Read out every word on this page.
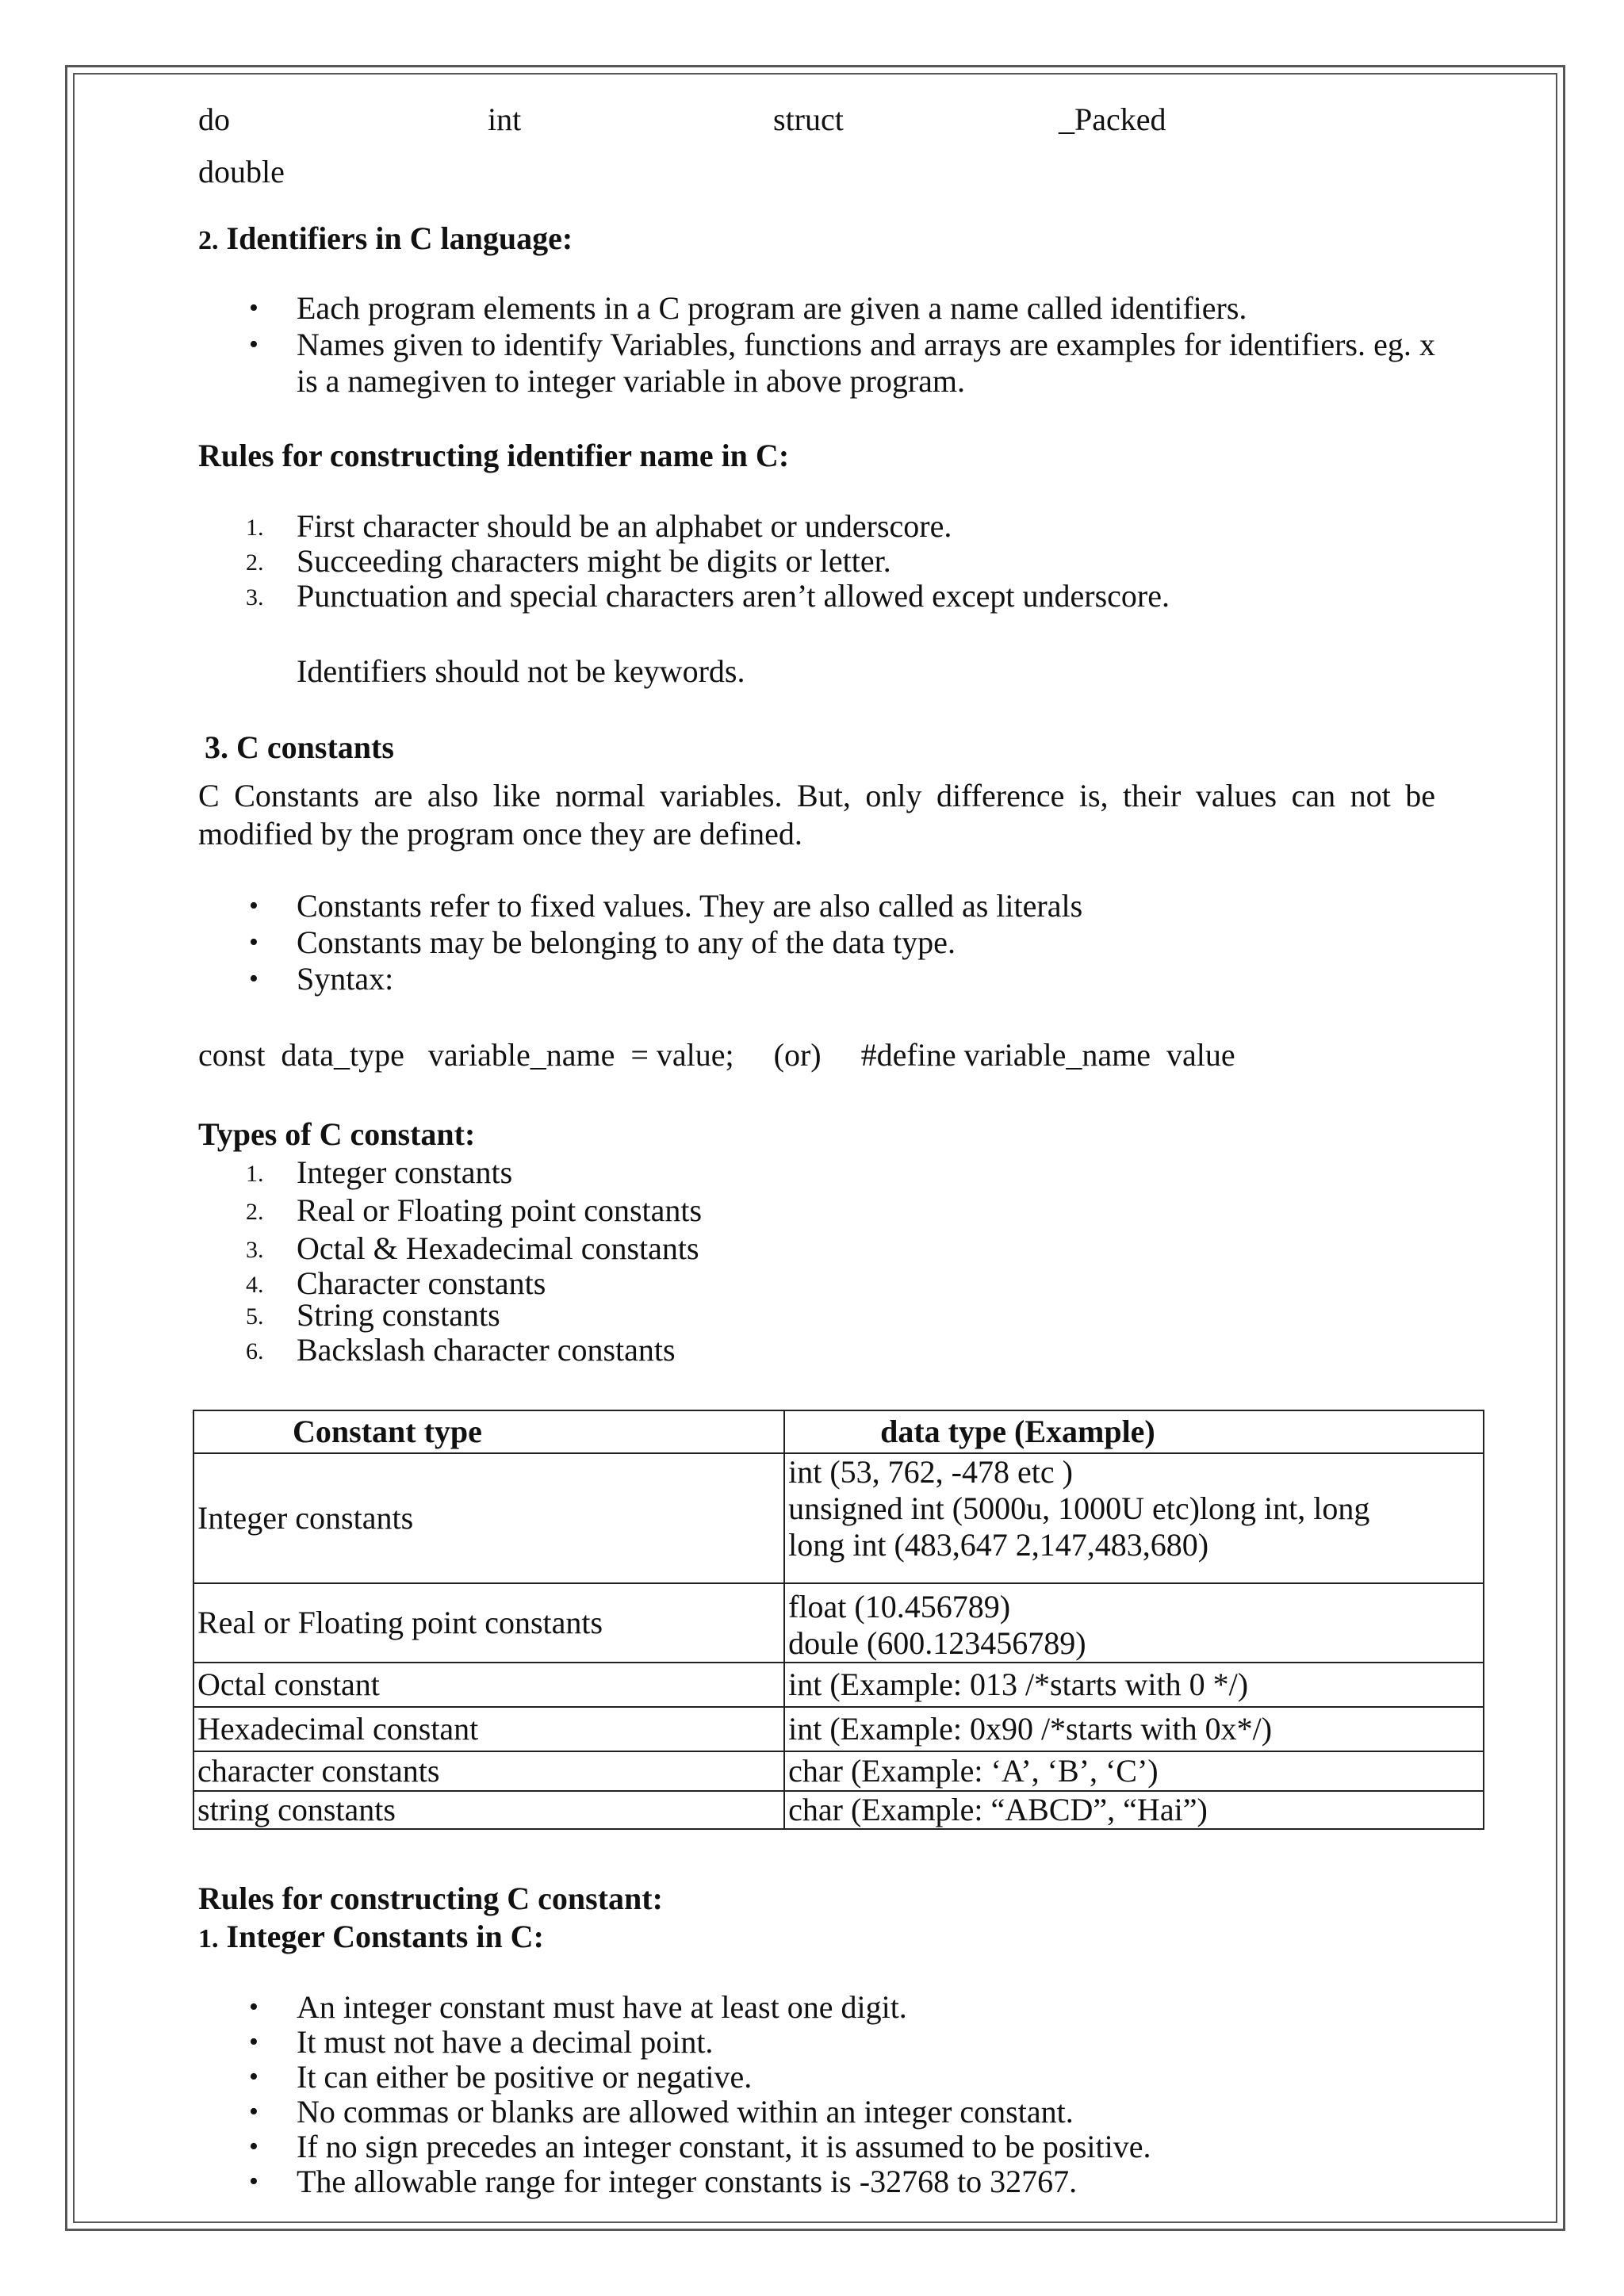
do	int	struct	_Packed
double
2. Identifiers in C language:
• Each program elements in a C program are given a name called identifiers.
• Names given to identify Variables, functions and arrays are examples for identifiers. eg. x is a namegiven to integer variable in above program.
Rules for constructing identifier name in C:
1. First character should be an alphabet or underscore.
2. Succeeding characters might be digits or letter.
3. Punctuation and special characters aren’t allowed except underscore.
Identifiers should not be keywords.
3. C constants
C Constants are also like normal variables. But, only difference is, their values can not be modified by the program once they are defined.
• Constants refer to fixed values. They are also called as literals
• Constants may be belonging to any of the data type.
• Syntax:
const  data_type   variable_name  = value; (or) #define variable_name  value
Types of C constant:
1. Integer constants
2. Real or Floating point constants
3. Octal & Hexadecimal constants
4. Character constants
5. String constants
6. Backslash character constants
Constant type	data type (Example)
Integer constants	int (53, 762, -478 etc )
unsigned int (5000u, 1000U etc)long int, long
long int (483,647 2,147,483,680)

Real or Floating point constants	float (10.456789)
doule (600.123456789)

Octal constant	int (Example: 013 /*starts with 0 */)
Hexadecimal constant	int (Example: 0x90 /*starts with 0x*/)
character constants	char (Example: ‘A’, ‘B’, ‘C’)
string constants	char (Example: “ABCD”, “Hai”)
Rules for constructing C constant:
1. Integer Constants in C:
• An integer constant must have at least one digit.
• It must not have a decimal point.
• It can either be positive or negative.
• No commas or blanks are allowed within an integer constant.
• If no sign precedes an integer constant, it is assumed to be positive.
• The allowable range for integer constants is -32768 to 32767.
